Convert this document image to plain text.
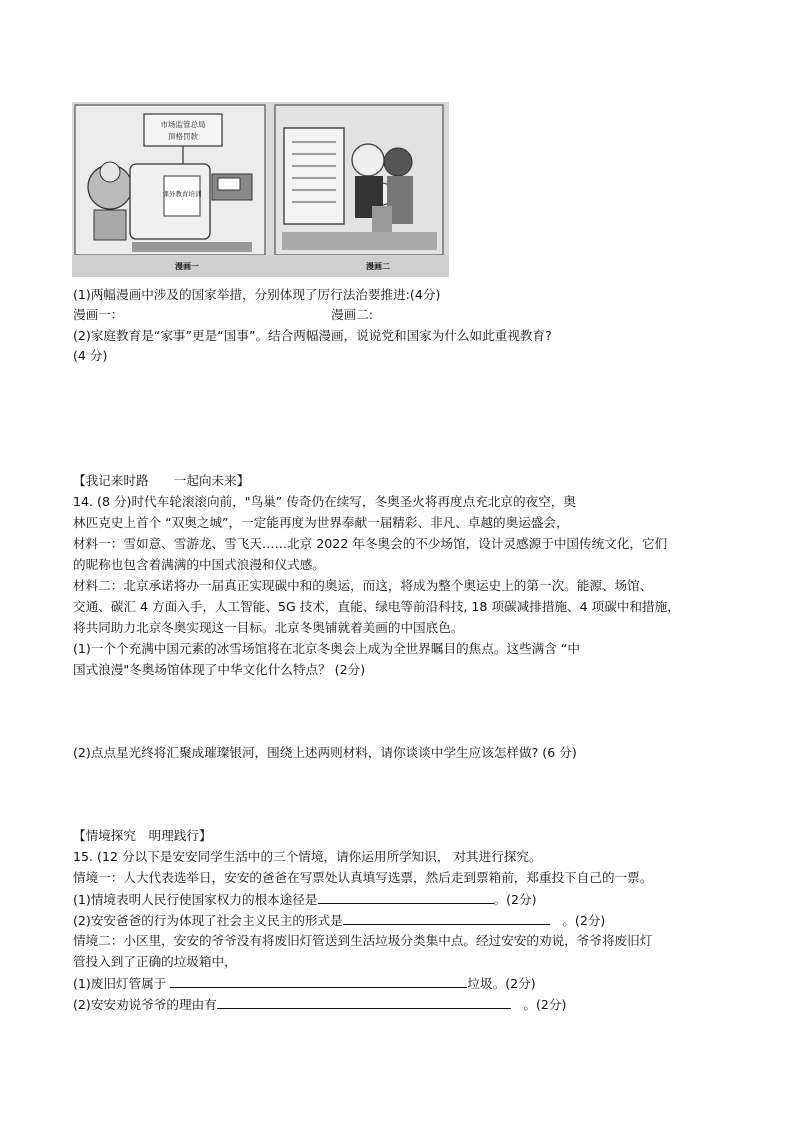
市场监管总局
顶格罚款
课外教育培训
漫画一	漫画二
(1)两幅漫画中涉及的国家举措，分别体现了厉行法治要推进:(4分)
漫画一：	漫画二:
(2)家庭教育是“家事”更是“国事”。结合两幅漫画，说说党和国家为什么如此重视教育?
(4 分)
【我记来时路　　一起向未来】
14. (8 分)时代车轮滚滚向前，"鸟巢” 传奇仍在续写，冬奥圣火将再度点充北京的夜空，奥
林匹克史上首个 “双奥之城”，一定能再度为世界奉献一届精彩、非凡、卓越的奥运盛会，
材料一：雪如意、雪游龙、雪飞天……北京 2022 年冬奥会的不少场馆，设计灵感源于中国传统文化，它们
的昵称也包含着满满的中国式浪漫和仪式感。
材料二：北京承诺将办一届真正实现碳中和的奥运，而这，将成为整个奥运史上的第一次。能源、场馆、
交通、碳汇 4 方面入手，人工智能、5G 技术，直能、绿电等前沿科技, 18 项碳减排措施、4 项碳中和措施，
将共同助力北京冬奥实现这一目标。北京冬奥铺就着美画的中国底色。
(1)一个个充满中国元素的冰雪场馆将在北京冬奥会上成为全世界瞩目的焦点。这些满含 “中
国式浪漫"冬奥场馆体现了中华文化什么特点？ (2分)
(2)点点星光终将汇聚成璀璨银河，围绕上述两则材料，请你谈谈中学生应该怎样做? (6 分)
【情境探究　明理践行】
15. (12 分以下是安安同学生活中的三个情境，请你运用所学知识， 对其进行探究。
情境一：人大代表选举日，安安的爸爸在写票处认真填写选票，然后走到票箱前，郑重投下自己的一票。
(1)情境表明人民行使国家权力的根本途径是	。(2分)
(2)安安爸爸的行为体现了社会主义民主的形式是	　。(2分)
情境二：小区里，安安的爷爷没有将废旧灯管送到生活垃圾分类集中点。经过安安的劝说，爷爷将废旧灯
管投入到了正确的垃圾箱中，
(1)废旧灯管属于	垃圾。(2分)
(2)安安劝说爷爷的理由有	　。(2分)
